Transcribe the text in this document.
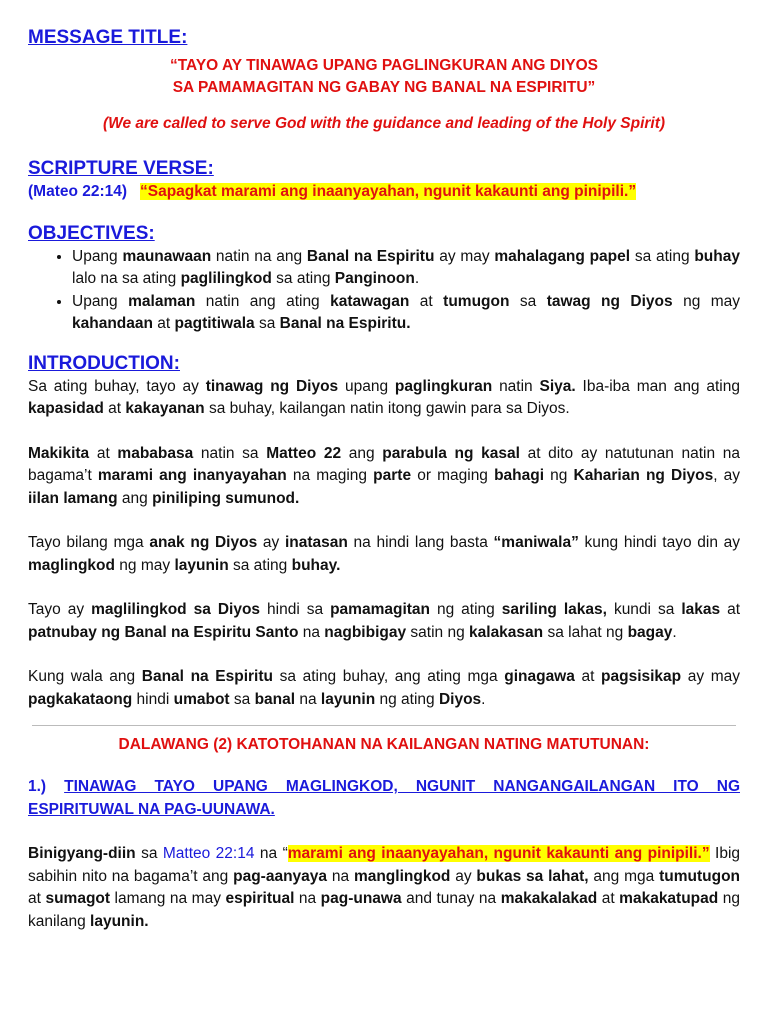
MESSAGE TITLE:
“TAYO AY TINAWAG UPANG PAGLINGKURAN ANG DIYOS
SA PAMAMAGITAN NG GABAY NG BANAL NA ESPIRITU”
(We are called to serve God with the guidance and leading of the Holy Spirit)
SCRIPTURE VERSE:

(Mateo 22:14) “Sapagkat marami ang inaanyayahan, ngunit kakaunti ang pinipili.”

OBJECTIVES:
• Upang maunawaan natin na ang Banal na Espiritu ay may mahalagang papel sa ating buhay lalo na sa ating paglilingkod sa ating Panginoon.
• Upang malaman natin ang ating katawagan at tumugon sa tawag ng Diyos ng may kahandaan at pagtitiwala sa Banal na Espiritu.
INTRODUCTION:

Sa ating buhay, tayo ay tinawag ng Diyos upang paglingkuran natin Siya. Iba-iba man ang ating kapasidad at kakayanan sa buhay, kailangan natin itong gawin para sa Diyos.

Makikita at mababasa natin sa Matteo 22 ang parabula ng kasal at dito ay natutunan natin na bagama’t marami ang inanyayahan na maging parte or maging bahagi ng Kaharian ng Diyos, ay iilan lamang ang piniliping sumunod.

Tayo bilang mga anak ng Diyos ay inatasan na hindi lang basta “maniwala” kung hindi tayo din ay maglingkod ng may layunin sa ating buhay.

Tayo ay maglilingkod sa Diyos hindi sa pamamagitan ng ating sariling lakas, kundi sa lakas at patnubay ng Banal na Espiritu Santo na nagbibigay satin ng kalakasan sa lahat ng bagay.

Kung wala ang Banal na Espiritu sa ating buhay, ang ating mga ginagawa at pagsisikap ay may pagkakataong hindi umabot sa banal na layunin ng ating Diyos.

DALAWANG (2) KATOTOHANAN NA KAILANGAN NATING MATUTUNAN:

1.) TINAWAG TAYO UPANG MAGLINGKOD, NGUNIT NANGANGAILANGAN ITO NG ESPIRITUWAL NA PAG-UUNAWA.

Binigyang-diin sa Matteo 22:14 na “marami ang inaanyayahan, ngunit kakaunti ang pinipili.” Ibig sabihin nito na bagama’t ang pag-aanyaya na manglingkod ay bukas sa lahat, ang mga tumutugon at sumagot lamang na may espiritual na pag-unawa and tunay na makakalakad at makakatupad ng kanilang layunin.
